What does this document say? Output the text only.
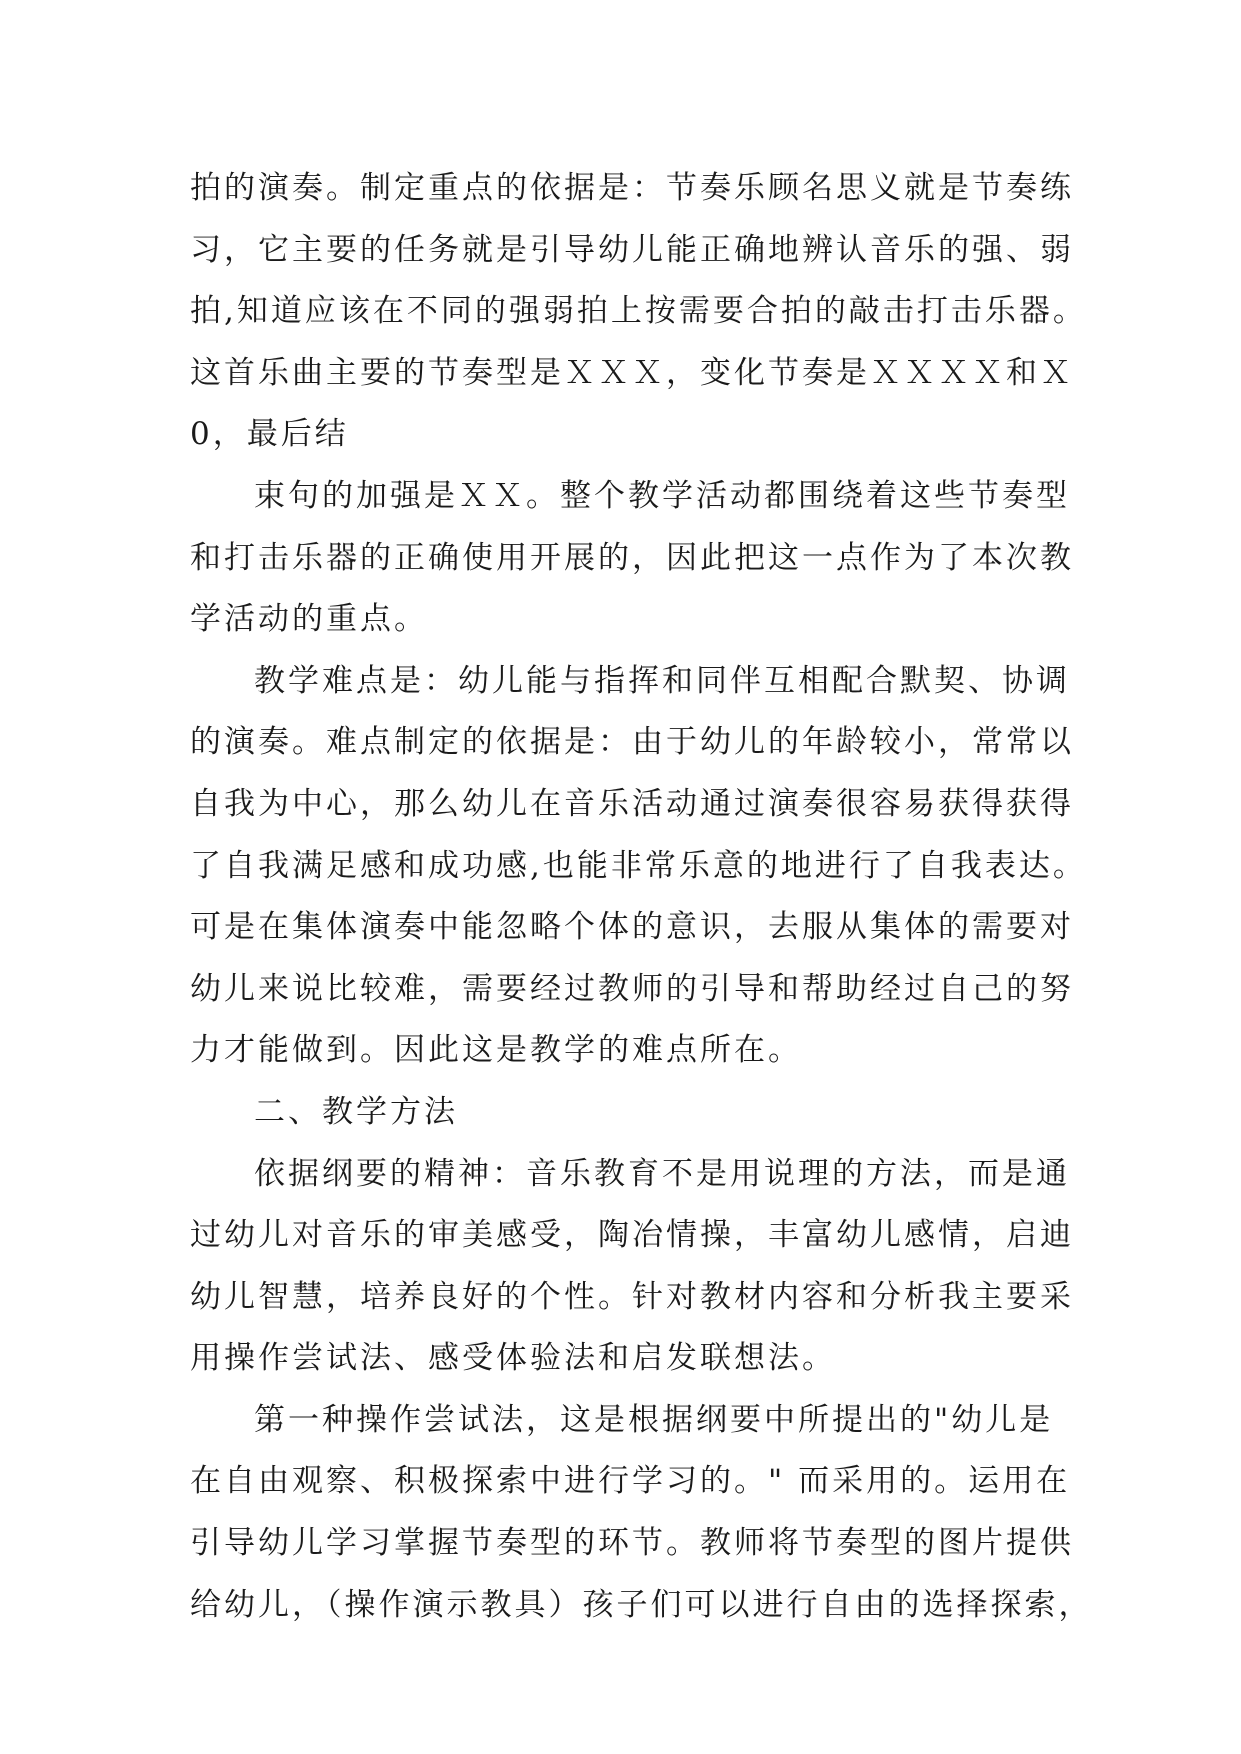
拍的演奏。制定重点的依据是：节奏乐顾名思义就是节奏练
习，它主要的任务就是引导幼儿能正确地辨认音乐的强、弱
拍,知道应该在不同的强弱拍上按需要合拍的敲击打击乐器。
这首乐曲主要的节奏型是ＸＸＸ，变化节奏是ＸＸＸＸ和Ｘ
0，最后结
束句的加强是ＸＸ。整个教学活动都围绕着这些节奏型
和打击乐器的正确使用开展的，因此把这一点作为了本次教
学活动的重点。
教学难点是：幼儿能与指挥和同伴互相配合默契、协调
的演奏。难点制定的依据是：由于幼儿的年龄较小，常常以
自我为中心，那么幼儿在音乐活动通过演奏很容易获得获得
了自我满足感和成功感,也能非常乐意的地进行了自我表达。
可是在集体演奏中能忽略个体的意识，去服从集体的需要对
幼儿来说比较难，需要经过教师的引导和帮助经过自己的努
力才能做到。因此这是教学的难点所在。
二、教学方法
依据纲要的精神：音乐教育不是用说理的方法，而是通
过幼儿对音乐的审美感受，陶冶情操，丰富幼儿感情，启迪
幼儿智慧，培养良好的个性。针对教材内容和分析我主要采
用操作尝试法、感受体验法和启发联想法。
第一种操作尝试法，这是根据纲要中所提出的"幼儿是
在自由观察、积极探索中进行学习的。" 而采用的。运用在
引导幼儿学习掌握节奏型的环节。教师将节奏型的图片提供
给幼儿，（操作演示教具）孩子们可以进行自由的选择探索，
